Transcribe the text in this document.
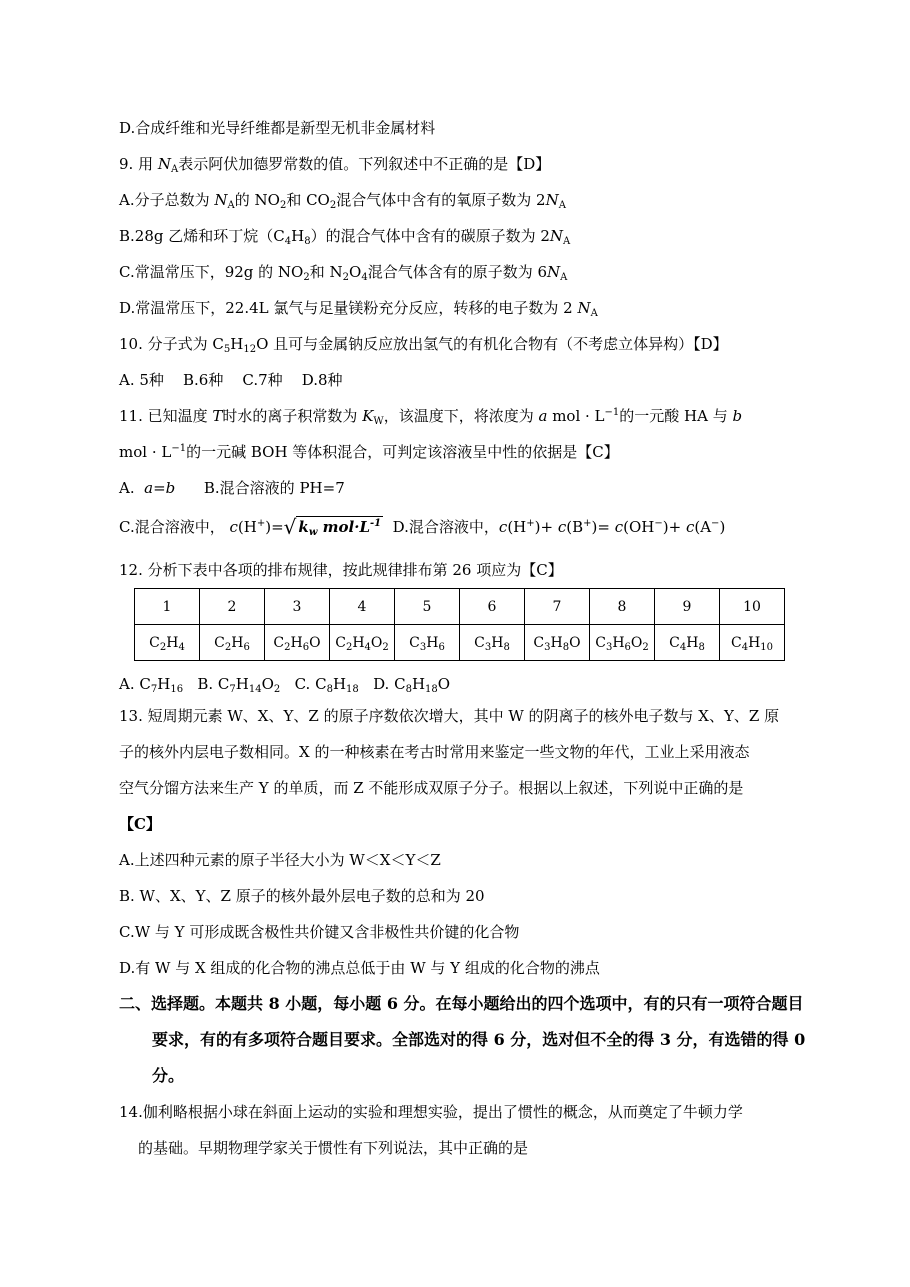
D.合成纤维和光导纤维都是新型无机非金属材料
9. 用 $N_A$表示阿伏加德罗常数的值。下列叙述中不正确的是【D】
A.分子总数为 $N_A$的 $NO_2$和 $CO_2$混合气体中含有的氧原子数为 $2N_A$
B.28g 乙烯和环丁烷$(C_4H_8)$的混合气体中含有的碳原子数为 $2N_A$
C.常温常压下，92g 的 $NO_2$和 $N_2O_4$混合气体含有的原子数为 $6N_A$
D.常温常压下，22.4L 氯气与足量镁粉充分反应，转移的电子数为 2 $N_A$
10. 分子式为 $C_5H_{12}O$ 且可与金属钠反应放出氢气的有机化合物有（不考虑立体异构）【D】
A. 5种    B.6种    C.7种    D.8种
11. 已知温度 T时水的离子积常数为 $K_W$，该温度下，将浓度为 a mol · $L^{-1}$的一元酸 HA 与 b
mol · $L^{-1}$的一元碱 BOH 等体积混合，可判定该溶液呈中性的依据是【C】
A.  a=b      B.混合溶液的 PH=7
C.混合溶液中， c(H+)=√ $k_w$ $mol\cdot L^{-1}$  D.混合溶液中，c(H+)+ c(B+)= c(OH−)+ c(A−)
12. 分析下表中各项的排布规律，按此规律排布第 26 项应为【C】
1	2	3	4	5	6	7	8	9	10
$C_2H_4$	$C_2H_6$	$C_2H_6O$	$C_2H_4O_2$	$C_3H_6$	$C_3H_8$	$C_3H_8O$	$C_3H_6O_2$	$C_4H_8$	$C_4H_{10}$
A. $C_7H_{16}$   B. $C_7H_{14}O_2$   C. $C_8H_{18}$   D. $C_8H_{18}O$
13. 短周期元素 W、X、Y、Z 的原子序数依次增大，其中 W 的阴离子的核外电子数与 X、Y、Z 原
子的核外内层电子数相同。X 的一种核素在考古时常用来鉴定一些文物的年代，工业上采用液态
空气分馏方法来生产 Y 的单质，而 Z 不能形成双原子分子。根据以上叙述，下列说中正确的是
【C】
A.上述四种元素的原子半径大小为 W＜X＜Y＜Z
B. W、X、Y、Z 原子的核外最外层电子数的总和为 20
C.W 与 Y 可形成既含极性共价键又含非极性共价键的化合物
D.有 W 与 X 组成的化合物的沸点总低于由 W 与 Y 组成的化合物的沸点
二、选择题。本题共 8 小题，每小题 6 分。在每小题给出的四个选项中，有的只有一项符合题目
要求，有的有多项符合题目要求。全部选对的得 6 分，选对但不全的得 3 分，有选错的得 0
分。
14.伽利略根据小球在斜面上运动的实验和理想实验，提出了惯性的概念，从而奠定了牛顿力学
的基础。早期物理学家关于惯性有下列说法，其中正确的是
